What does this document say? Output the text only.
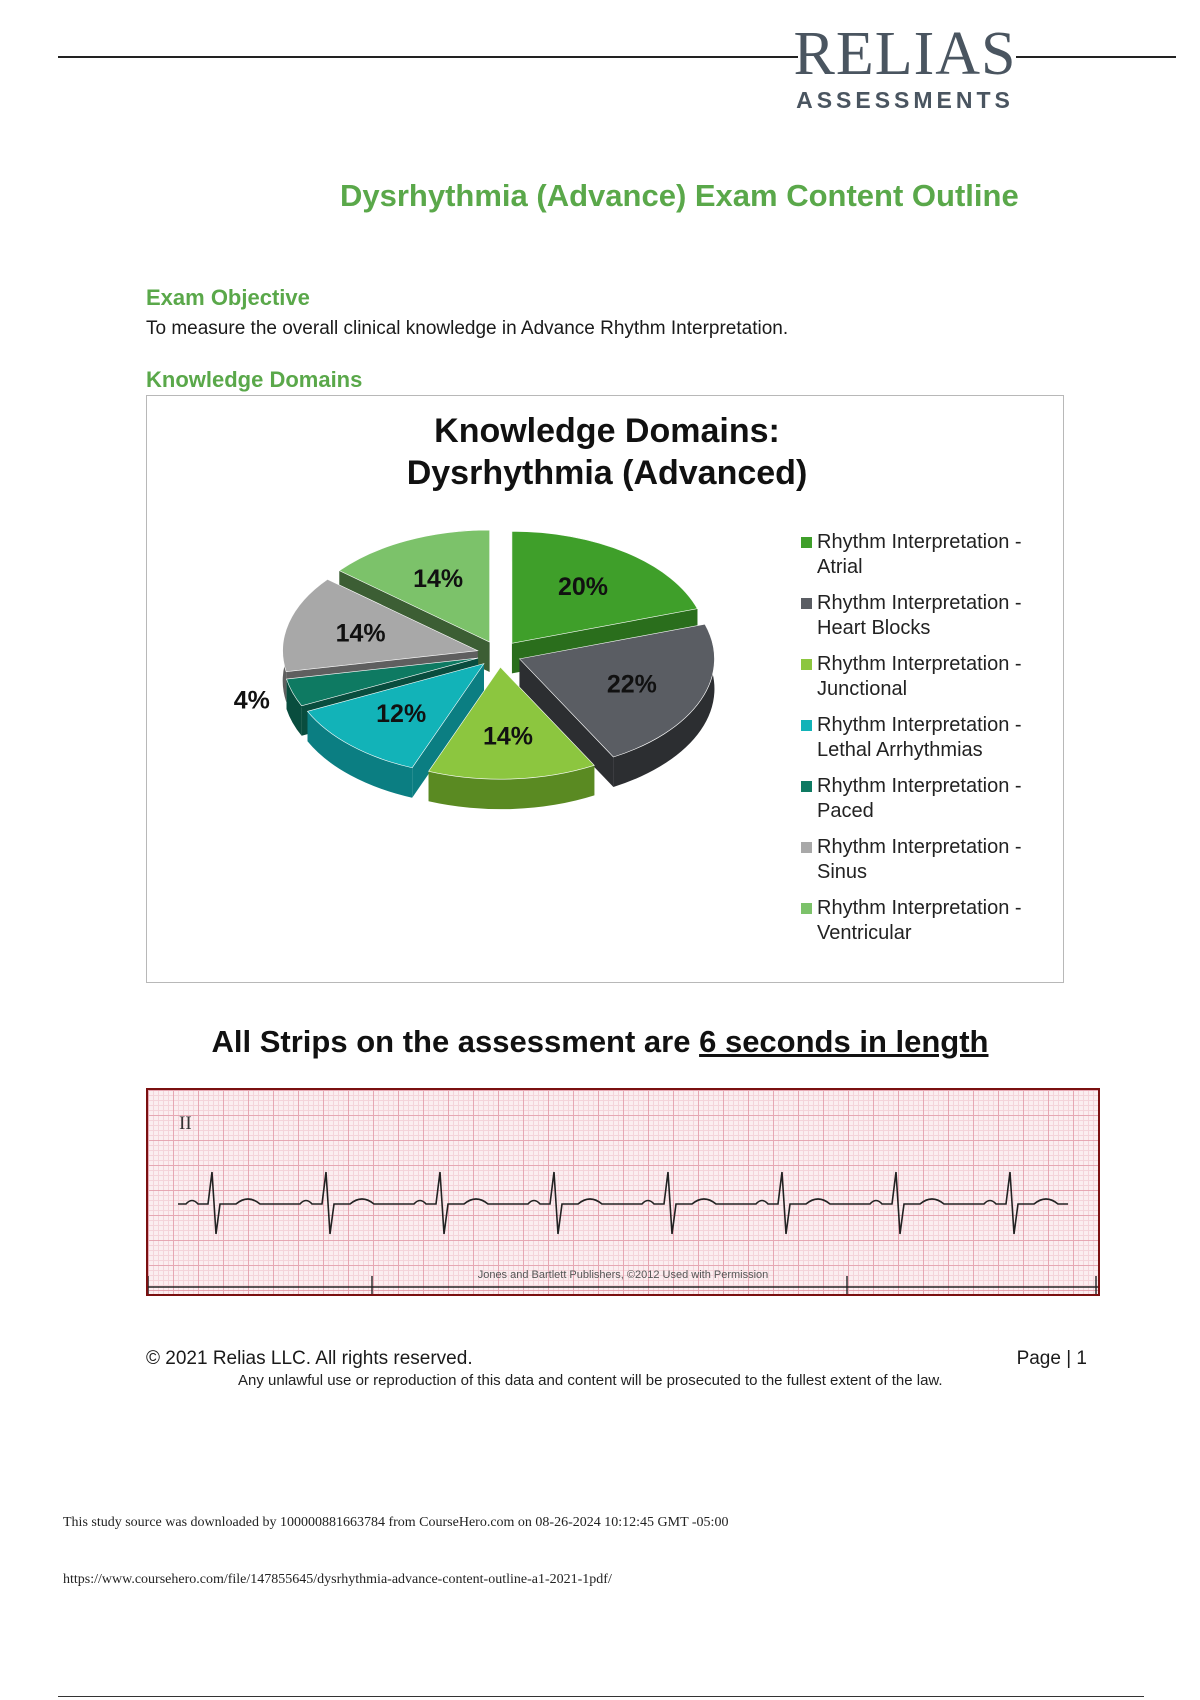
RELIAS

ASSESSMENTS

Dysrhythmia (Advance) Exam Content Outline
Exam Objective

To measure the overall clinical knowledge in Advance Rhythm Interpretation.

Knowledge Domains

Knowledge Domains:

Dysrhythmia (Advanced)

20%
22%
14%
12%
4%
14%
14%
Rhythm Interpretation -
Atrial
Rhythm Interpretation -
Heart Blocks
Rhythm Interpretation -
Junctional
Rhythm Interpretation -
Lethal Arrhythmias
Rhythm Interpretation -
Paced
Rhythm Interpretation -
Sinus
Rhythm Interpretation -
Ventricular

All Strips on the assessment are 6 seconds in length

II

Jones and Bartlett Publishers, ©2012 Used with Permission

© 2021 Relias LLC. All rights reserved.	Page | 1

Any unlawful use or reproduction of this data and content will be prosecuted to the fullest extent of the law.

This study source was downloaded by 100000881663784 from CourseHero.com on 08-26-2024 10:12:45 GMT -05:00

https://www.coursehero.com/file/147855645/dysrhythmia-advance-content-outline-a1-2021-1pdf/
